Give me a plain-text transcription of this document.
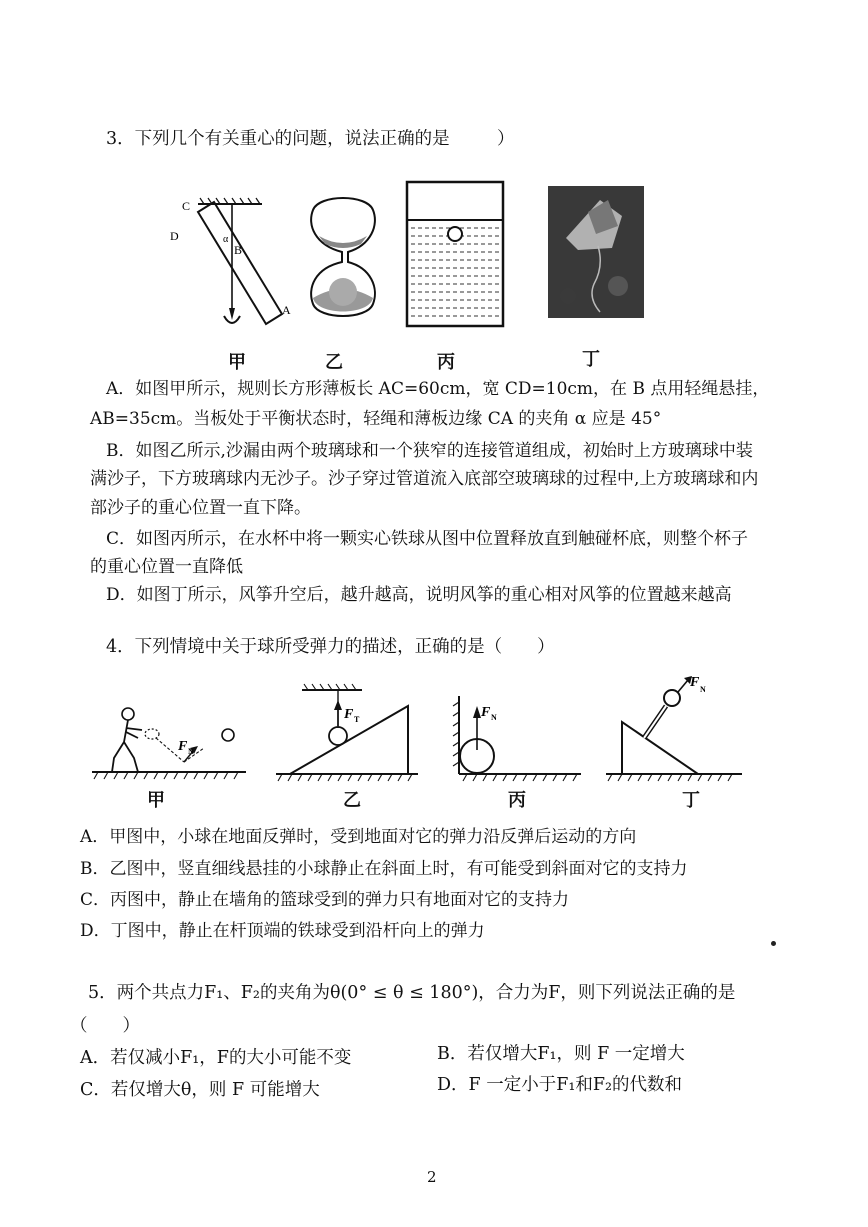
3．下列几个有关重心的问题，说法正确的是	）
C
D
B
α
A
甲	乙	丙	丁
A．如图甲所示，规则长方形薄板长 AC=60cm，宽 CD=10cm，在 B 点用轻绳悬挂，
AB=35cm。当板处于平衡状态时，轻绳和薄板边缘 CA 的夹角 α 应是 45°
B．如图乙所示,沙漏由两个玻璃球和一个狭窄的连接管道组成，初始时上方玻璃球中装
满沙子，下方玻璃球内无沙子。沙子穿过管道流入底部空玻璃球的过程中,上方玻璃球和内
部沙子的重心位置一直下降。
C．如图丙所示，在水杯中将一颗实心铁球从图中位置释放直到触碰杯底，则整个杯子
的重心位置一直降低
D．如图丁所示，风筝升空后，越升越高，说明风筝的重心相对风筝的位置越来越高
4．下列情境中关于球所受弹力的描述，正确的是（　　）
F N
甲
F T
乙
F N
丙
F N
丁
A．甲图中，小球在地面反弹时，受到地面对它的弹力沿反弹后运动的方向
B．乙图中，竖直细线悬挂的小球静止在斜面上时，有可能受到斜面对它的支持力
C．丙图中，静止在墙角的篮球受到的弹力只有地面对它的支持力
D．丁图中，静止在杆顶端的铁球受到沿杆向上的弹力
5．两个共点力F₁、F₂的夹角为θ(0° ≤ θ ≤ 180°)，合力为F，则下列说法正确的是
（　　）
A．若仅减小F₁，F的大小可能不变	B．若仅增大F₁，则 F 一定增大
C．若仅增大θ，则 F 可能增大	D．F 一定小于F₁和F₂的代数和
2
